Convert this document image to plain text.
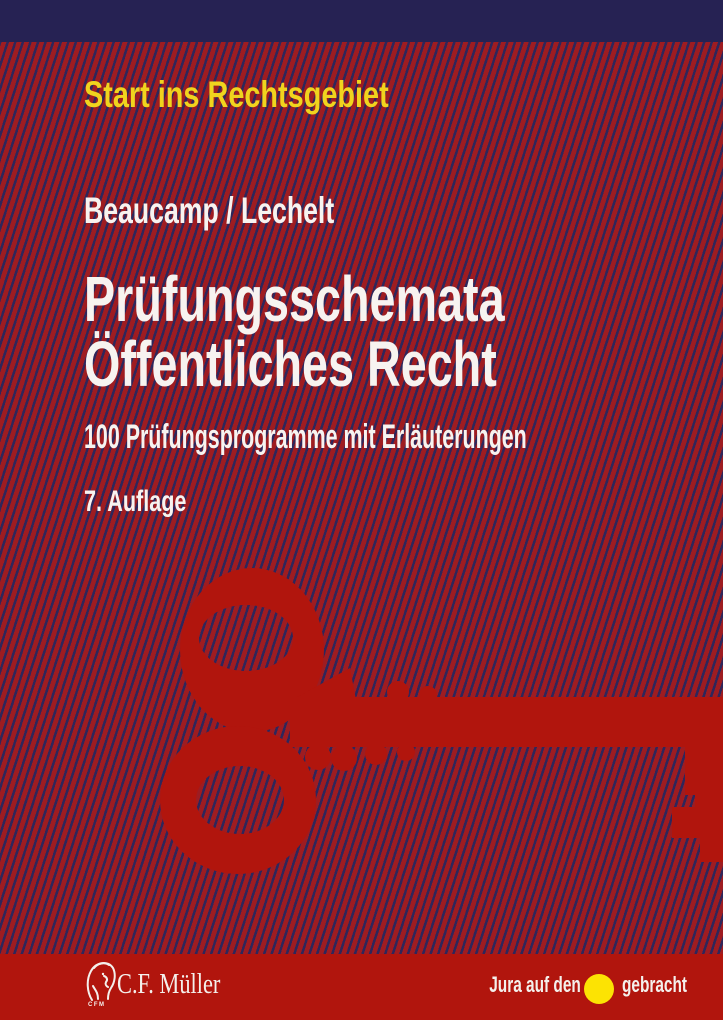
Start ins Rechtsgebiet
Beaucamp / Lechelt
Prüfungsschemata
Öffentliches Recht
100 Prüfungsprogramme mit Erläuterungen
7. Auflage
CFM
C.F. Müller	Jura auf den gebracht
